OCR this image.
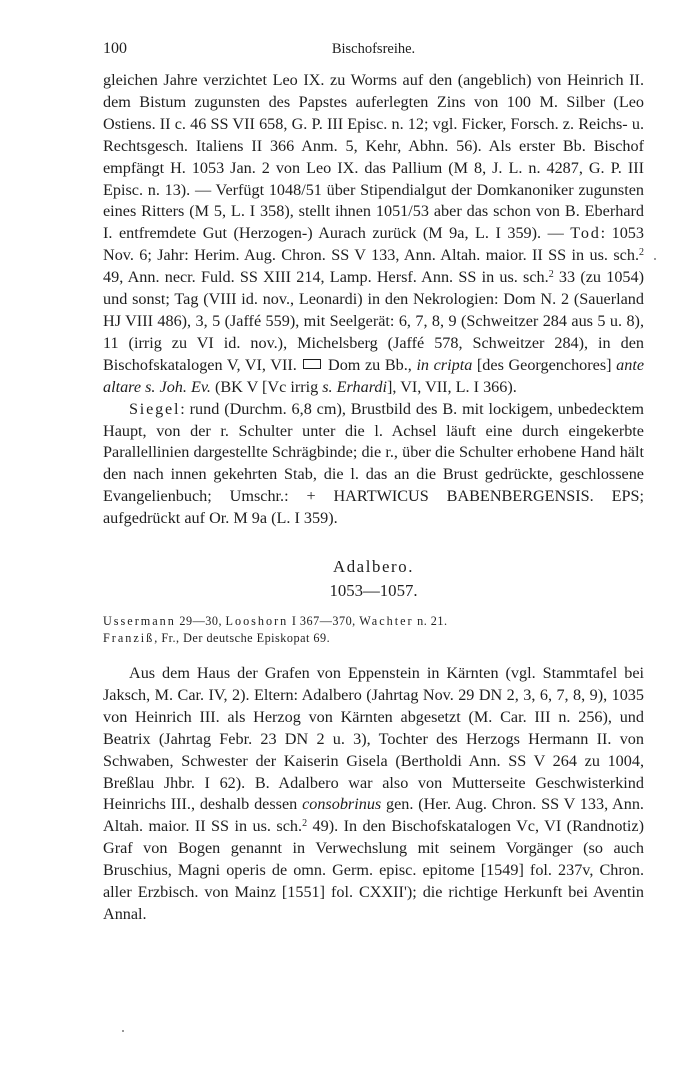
100	Bischofsreihe.

gleichen Jahre verzichtet Leo IX. zu Worms auf den (angeblich) von Heinrich II. dem Bistum zugunsten des Papstes auferlegten Zins von 100 M. Silber (Leo Ostiens. II c. 46 SS VII 658, G. P. III Episc. n. 12; vgl. Ficker, Forsch. z. Reichs- u. Rechtsgesch. Italiens II 366 Anm. 5, Kehr, Abhn. 56). Als erster Bb. Bischof empfängt H. 1053 Jan. 2 von Leo IX. das Pallium (M 8, J. L. n. 4287, G. P. III Episc. n. 13). — Verfügt 1048/51 über Stipendialgut der Domkanoniker zugunsten eines Ritters (M 5, L. I 358), stellt ihnen 1051/53 aber das schon von B. Eberhard I. entfremdete Gut (Herzogen-) Aurach zurück (M 9a, L. I 359). — Tod: 1053 Nov. 6; Jahr: Herim. Aug. Chron. SS V 133, Ann. Altah. maior. II SS in us. sch.$^2$ 49, Ann. necr. Fuld. SS XIII 214, Lamp. Hersf. Ann. SS in us. sch.$^2$ 33 (zu 1054) und sonst; Tag (VIII id. nov., Leonardi) in den Nekrologien: Dom N. 2 (Sauerland HJ VIII 486), 3, 5 (Jaffé 559), mit Seelgerät: 6, 7, 8, 9 (Schweitzer 284 aus 5 u. 8), 11 (irrig zu VI id. nov.), Michelsberg (Jaffé 578, Schweitzer 284), in den Bischofskatalogen V, VI, VII.  Dom zu Bb., in cripta [des Georgenchores] ante altare s. Joh. Ev. (BK V [Vc irrig s. Erhardi], VI, VII, L. I 366).

Siegel: rund (Durchm. 6,8 cm), Brustbild des B. mit lockigem, unbedecktem Haupt, von der r. Schulter unter die l. Achsel läuft eine durch eingekerbte Parallellinien dargestellte Schrägbinde; die r., über die Schulter erhobene Hand hält den nach innen gekehrten Stab, die l. das an die Brust gedrückte, geschlossene Evangelienbuch; Umschr.: + HARTWICUS BABENBERGENSIS. EPS; aufgedrückt auf Or. M 9a (L. I 359).

Adalbero.
1053—1057.
Ussermann 29—30, Looshorn I 367—370, Wachter n. 21.
Franziß, Fr., Der deutsche Episkopat 69.

Aus dem Haus der Grafen von Eppenstein in Kärnten (vgl. Stammtafel bei Jaksch, M. Car. IV, 2). Eltern: Adalbero (Jahrtag Nov. 29 DN 2, 3, 6, 7, 8, 9), 1035 von Heinrich III. als Herzog von Kärnten abgesetzt (M. Car. III n. 256), und Beatrix (Jahrtag Febr. 23 DN 2 u. 3), Tochter des Herzogs Hermann II. von Schwaben, Schwester der Kaiserin Gisela (Bertholdi Ann. SS V 264 zu 1004, Breßlau Jhbr. I 62). B. Adalbero war also von Mutterseite Geschwisterkind Heinrichs III., deshalb dessen consobrinus gen. (Her. Aug. Chron. SS V 133, Ann. Altah. maior. II SS in us. sch.$^2$ 49). In den Bischofskatalogen Vc, VI (Randnotiz) Graf von Bogen genannt in Verwechslung mit seinem Vorgänger (so auch Bruschius, Magni operis de omn. Germ. episc. epitome [1549] fol. 237v, Chron. aller Erzbisch. von Mainz [1551] fol. CXXII'); die richtige Herkunft bei Aventin Annal.
